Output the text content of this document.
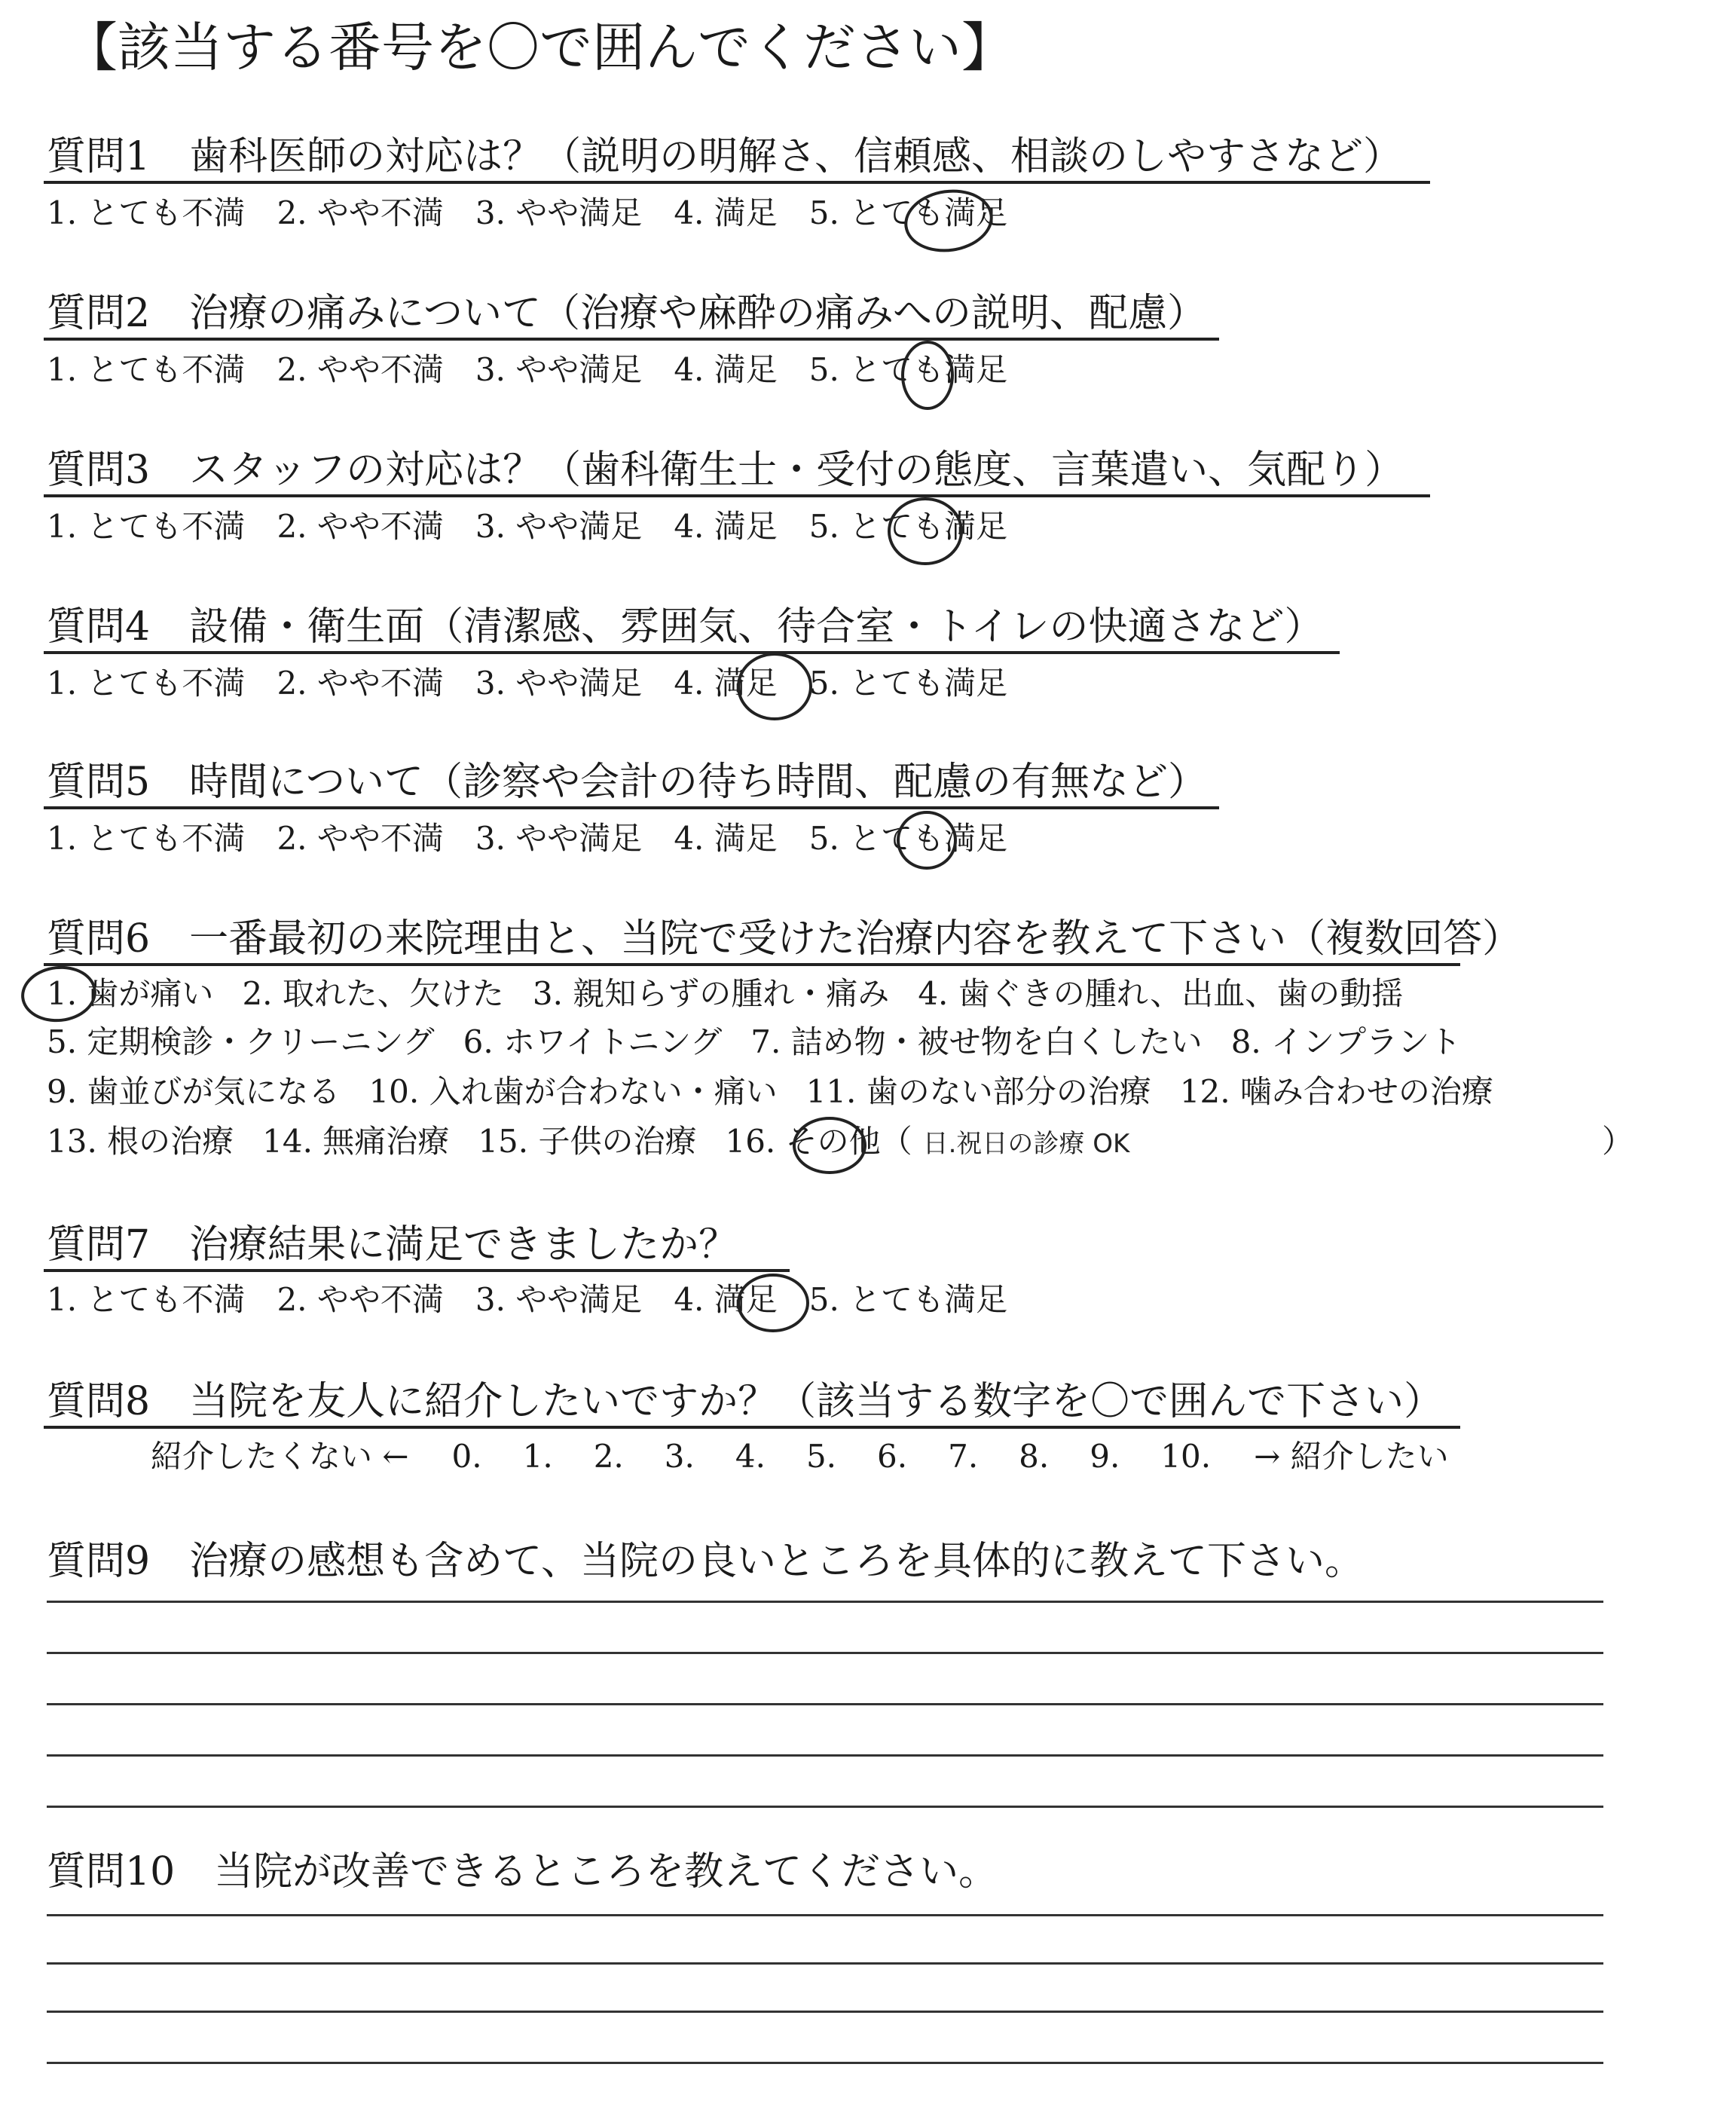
【該当する番号を〇で囲んでください】
質問1　歯科医師の対応は？（説明の明解さ、信頼感、相談のしやすさなど）
1. とても不満 2. やや不満 3. やや満足 4. 満足 5. とても満足
質問2　治療の痛みについて（治療や麻酔の痛みへの説明、配慮）
1. とても不満 2. やや不満 3. やや満足 4. 満足 5. とても満足
質問3　スタッフの対応は？（歯科衛生士・受付の態度、言葉遣い、気配り）
1. とても不満 2. やや不満 3. やや満足 4. 満足 5. とても満足
質問4　設備・衛生面（清潔感、雰囲気、待合室・トイレの快適さなど）
1. とても不満 2. やや不満 3. やや満足 4. 満足 5. とても満足
質問5　時間について（診察や会計の待ち時間、配慮の有無など）
1. とても不満 2. やや不満 3. やや満足 4. 満足 5. とても満足
質問6　一番最初の来院理由と、当院で受けた治療内容を教えて下さい（複数回答）
1. 歯が痛い 2. 取れた、欠けた 3. 親知らずの腫れ・痛み 4. 歯ぐきの腫れ、出血、歯の動揺
5. 定期検診・クリーニング 6. ホワイトニング 7. 詰め物・被せ物を白くしたい 8. インプラント
9. 歯並びが気になる 10. 入れ歯が合わない・痛い 11. 歯のない部分の治療 12. 噛み合わせの治療
13. 根の治療 14. 無痛治療 15. 子供の治療 16. その他（ 日.祝日の診療 OK	）
質問7　治療結果に満足できましたか？
1. とても不満 2. やや不満 3. やや満足 4. 満足 5. とても満足
質問8　当院を友人に紹介したいですか？（該当する数字を〇で囲んで下さい）
紹介したくない ← 0. 1. 2. 3. 4. 5. 6. 7. 8. 9. 10. → 紹介したい
質問9　治療の感想も含めて、当院の良いところを具体的に教えて下さい。
質問10　当院が改善できるところを教えてください。
